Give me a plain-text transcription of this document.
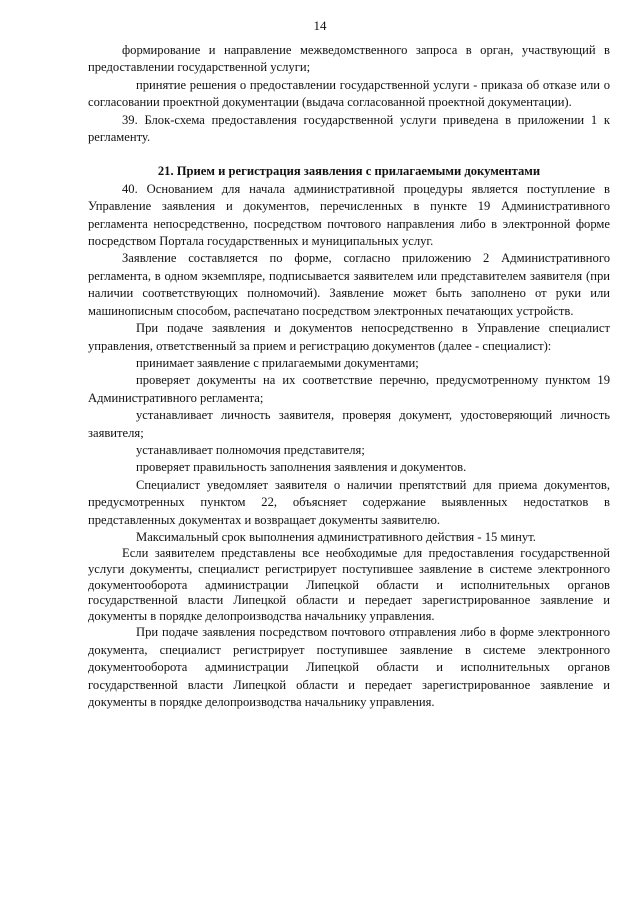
14

формирование и направление межведомственного запроса в орган, участвующий в предоставлении государственной услуги;

принятие решения о предоставлении государственной услуги - приказа об отказе или о согласовании проектной документации (выдача согласованной проектной документации).

39. Блок-схема предоставления государственной услуги приведена в приложении 1 к регламенту.

21. Прием и регистрация заявления с прилагаемыми документами

40. Основанием для начала административной процедуры является поступление в Управление заявления и документов, перечисленных в пункте 19 Административного регламента непосредственно, посредством почтового направления либо в электронной форме посредством Портала государственных и муниципальных услуг.

Заявление составляется по форме, согласно приложению 2 Административного регламента, в одном экземпляре, подписывается заявителем или представителем заявителя (при наличии соответствующих полномочий). Заявление может быть заполнено от руки или машинописным способом, распечатано посредством электронных печатающих устройств.

При подаче заявления и документов непосредственно в Управление специалист управления, ответственный за прием и регистрацию документов (далее - специалист):

принимает заявление с прилагаемыми документами;

проверяет документы на их соответствие перечню, предусмотренному пунктом 19 Административного регламента;

устанавливает личность заявителя, проверяя документ, удостоверяющий личность заявителя;

устанавливает полномочия представителя;

проверяет правильность заполнения заявления и документов.

Специалист уведомляет заявителя о наличии препятствий для приема документов, предусмотренных пунктом 22, объясняет содержание выявленных недостатков в представленных документах и возвращает документы заявителю.

Максимальный срок выполнения административного действия - 15 минут.

Если заявителем представлены все необходимые для предоставления государственной услуги документы, специалист регистрирует поступившее заявление в системе электронного документооборота администрации Липецкой области и исполнительных органов государственной власти Липецкой области и передает зарегистрированное заявление и документы в порядке делопроизводства начальнику управления.

При подаче заявления посредством почтового отправления либо в форме электронного документа, специалист регистрирует поступившее заявление в системе электронного документооборота администрации Липецкой области и исполнительных органов государственной власти Липецкой области и передает зарегистрированное заявление и документы в порядке делопроизводства начальнику управления.
